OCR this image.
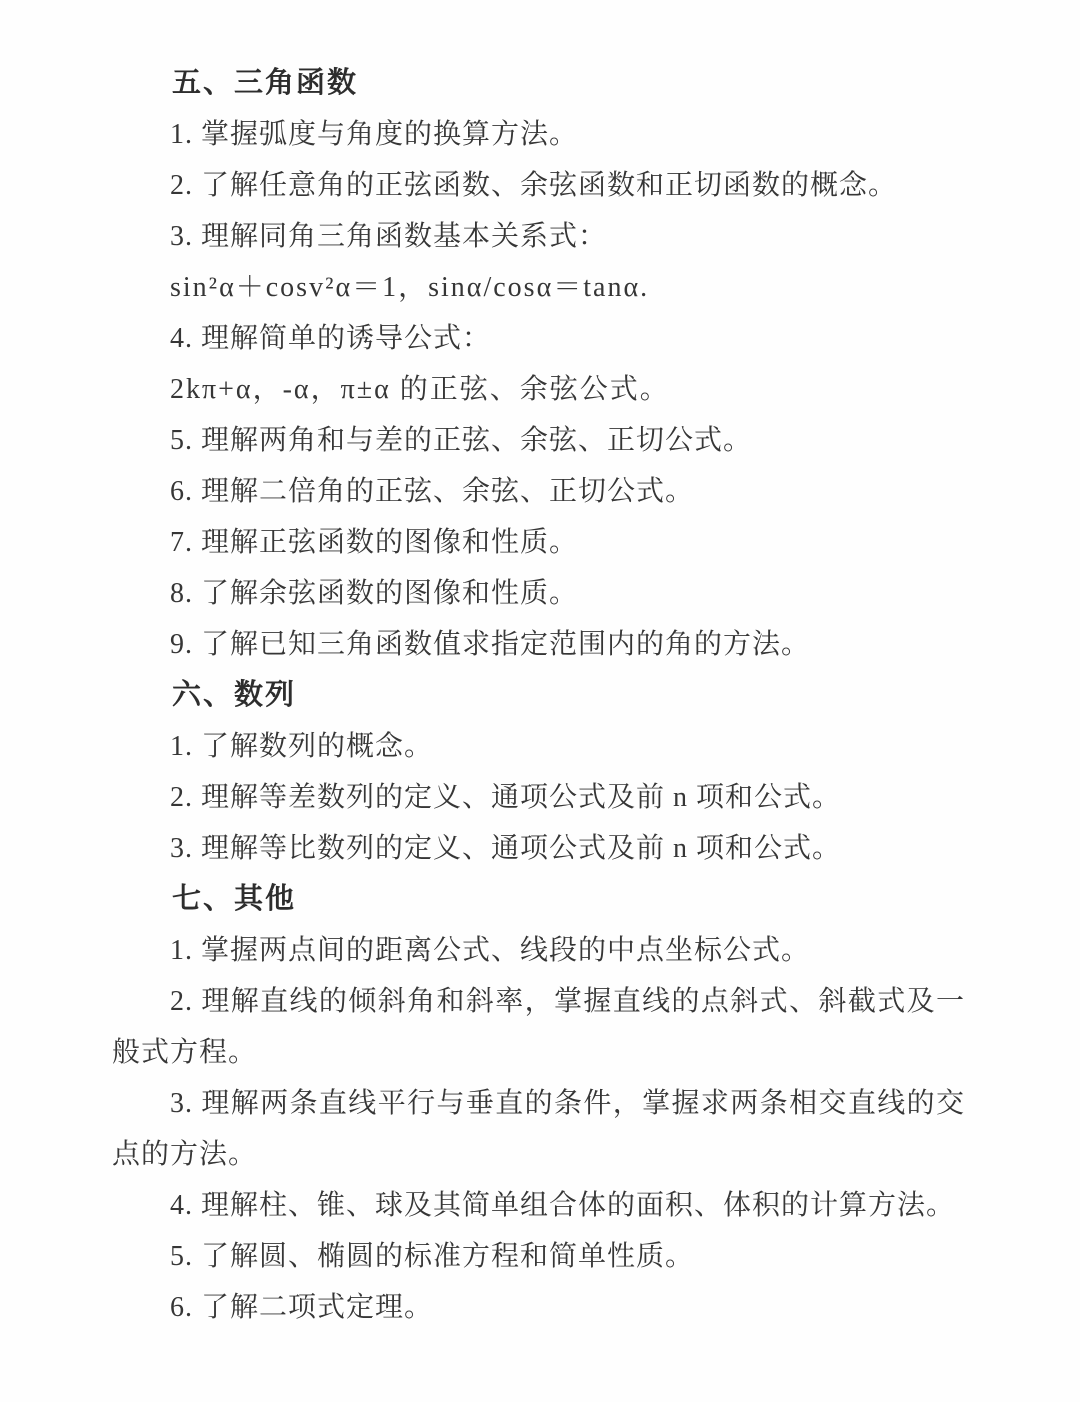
五、三角函数

1. 掌握弧度与角度的换算方法。

2. 了解任意角的正弦函数、余弦函数和正切函数的概念。

3. 理解同角三角函数基本关系式：

sin²α＋cosv²α＝1，sinα/cosα＝tanα.

4. 理解简单的诱导公式：

2kπ+α，-α，π±α 的正弦、余弦公式。

5. 理解两角和与差的正弦、余弦、正切公式。

6. 理解二倍角的正弦、余弦、正切公式。

7. 理解正弦函数的图像和性质。

8. 了解余弦函数的图像和性质。

9. 了解已知三角函数值求指定范围内的角的方法。

六、数列

1. 了解数列的概念。

2. 理解等差数列的定义、通项公式及前 n 项和公式。

3. 理解等比数列的定义、通项公式及前 n 项和公式。

七、其他

1. 掌握两点间的距离公式、线段的中点坐标公式。

2. 理解直线的倾斜角和斜率，掌握直线的点斜式、斜截式及一般式方程。

3. 理解两条直线平行与垂直的条件，掌握求两条相交直线的交点的方法。

4. 理解柱、锥、球及其简单组合体的面积、体积的计算方法。

5. 了解圆、椭圆的标准方程和简单性质。

6. 了解二项式定理。
